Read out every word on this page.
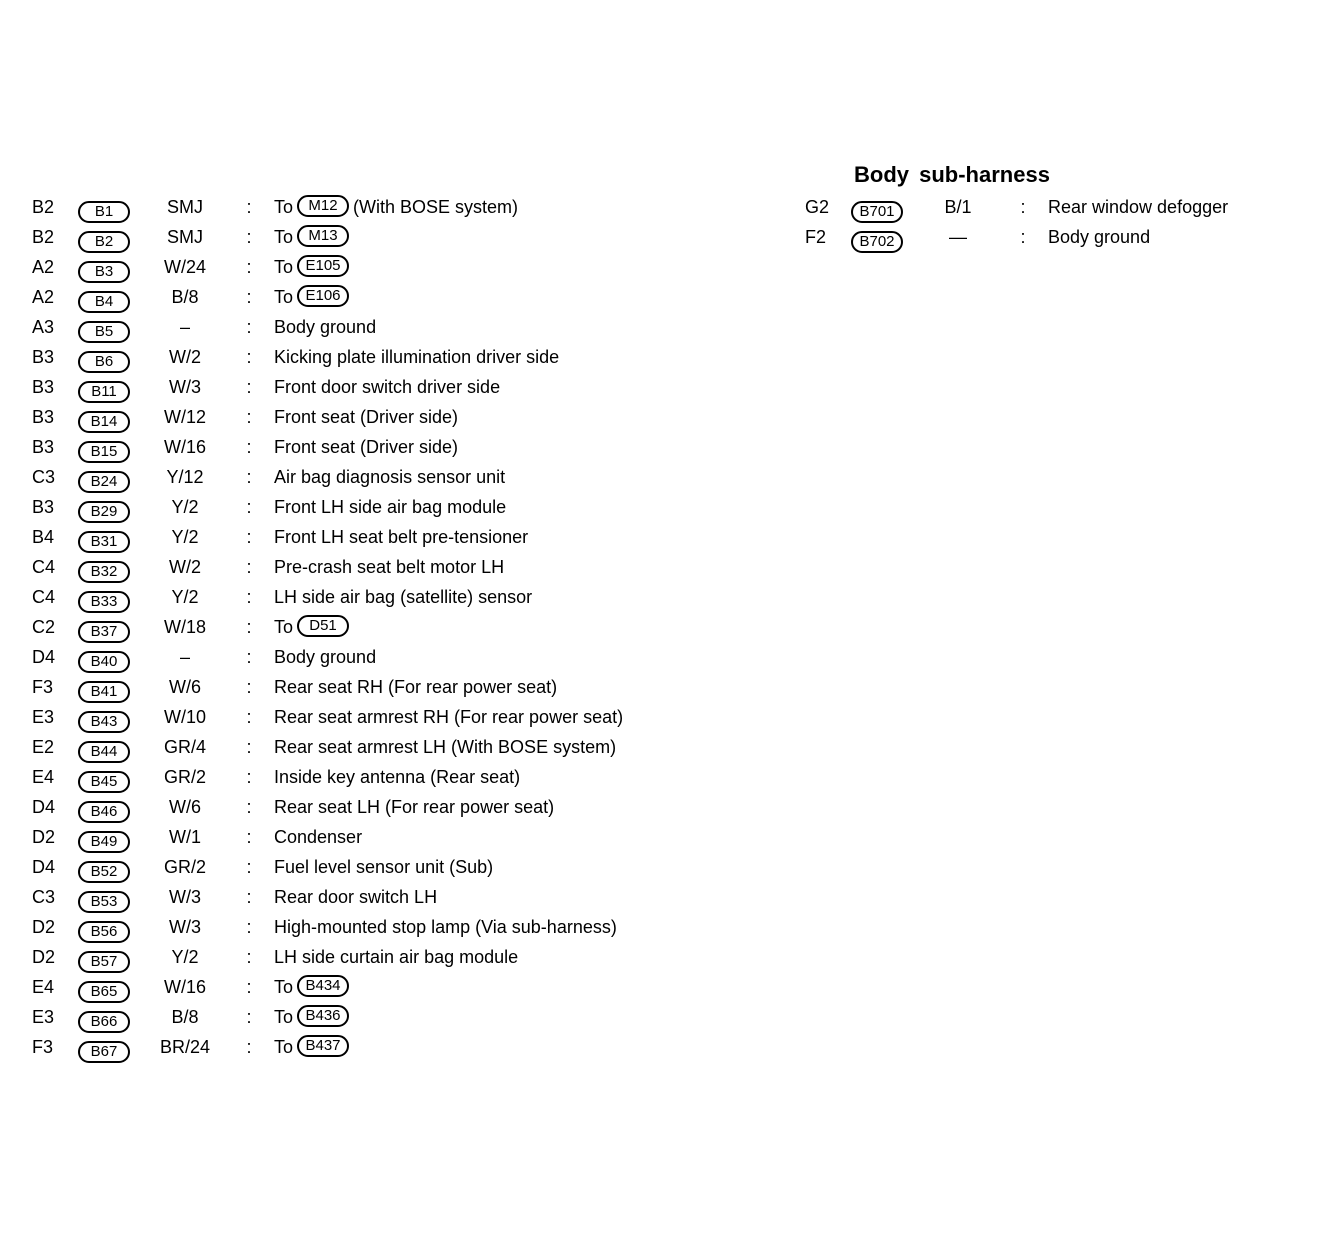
Body sub-harness
B2	B1	SMJ	: To M12 (With BOSE system)
B2	B2	SMJ	: To M13
A2	B3	W/24	: To E105
A2	B4	B/8	: To E106
A3	B5	–	: Body ground
B3	B6	W/2	: Kicking plate illumination driver side
B3 B11	W/3	: Front door switch driver side
B3 B14	W/12	: Front seat (Driver side)
B3 B15	W/16	: Front seat (Driver side)
C3 B24	Y/12	: Air bag diagnosis sensor unit
B3 B29	Y/2	: Front LH side air bag module
B4 B31	Y/2	: Front LH seat belt pre-tensioner
C4 B32	W/2	: Pre-crash seat belt motor LH
C4 B33	Y/2	: LH side air bag (satellite) sensor
C2 B37	W/18	: To D51
D4 B40	–	: Body ground
F3	B41	W/6	: Rear seat RH (For rear power seat)
E3 B43	W/10	: Rear seat armrest RH (For rear power seat)
E2 B44	GR/4	: Rear seat armrest LH (With BOSE system)
E4 B45	GR/2	: Inside key antenna (Rear seat)
D4 B46	W/6	: Rear seat LH (For rear power seat)
D2 B49	W/1	: Condenser
D4 B52	GR/2	: Fuel level sensor unit (Sub)
C3 B53	W/3	: Rear door switch LH
D2 B56	W/3	: High-mounted stop lamp (Via sub-harness)
D2 B57	Y/2	: LH side curtain air bag module
E4 B65	W/16	: To B434
E3 B66	B/8	: To B436
F3	B67	BR/24	: To B437
G2 B701	B/1	: Rear window defogger
F2 B702	—	: Body ground
